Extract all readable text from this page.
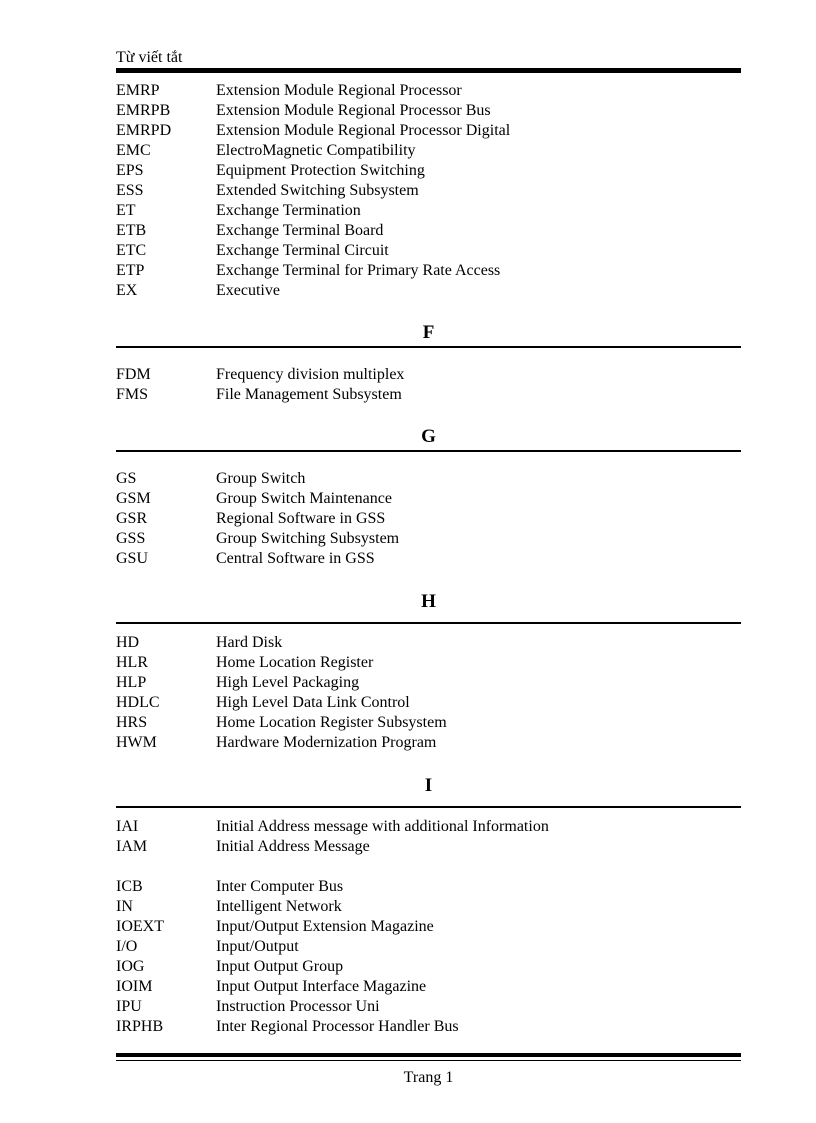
Từ viết tắt
EMRP	Extension Module Regional Processor
EMRPB	Extension Module Regional Processor Bus
EMRPD	Extension Module Regional Processor Digital
EMC	ElectroMagnetic Compatibility
EPS	Equipment Protection Switching
ESS	Extended Switching Subsystem
ET	Exchange Termination
ETB	Exchange Terminal Board
ETC	Exchange Terminal Circuit
ETP	Exchange Terminal for Primary Rate Access
EX	Executive
F
FDM	Frequency division multiplex
FMS	File Management Subsystem
G
GS	Group Switch
GSM	Group Switch Maintenance
GSR	Regional Software in GSS
GSS	Group Switching Subsystem
GSU	Central Software in GSS
H
HD	Hard Disk
HLR	Home Location Register
HLP	High Level Packaging
HDLC	High Level Data Link Control
HRS	Home Location Register Subsystem
HWM	Hardware Modernization Program
I
IAI	Initial Address message with additional Information
IAM	Initial Address Message
ICB	Inter Computer Bus
IN	Intelligent Network
IOEXT	Input/Output Extension Magazine
I/O	Input/Output
IOG	Input Output Group
IOIM	Input Output Interface Magazine
IPU	Instruction Processor Uni
IRPHB	Inter Regional Processor Handler Bus
Trang 1
